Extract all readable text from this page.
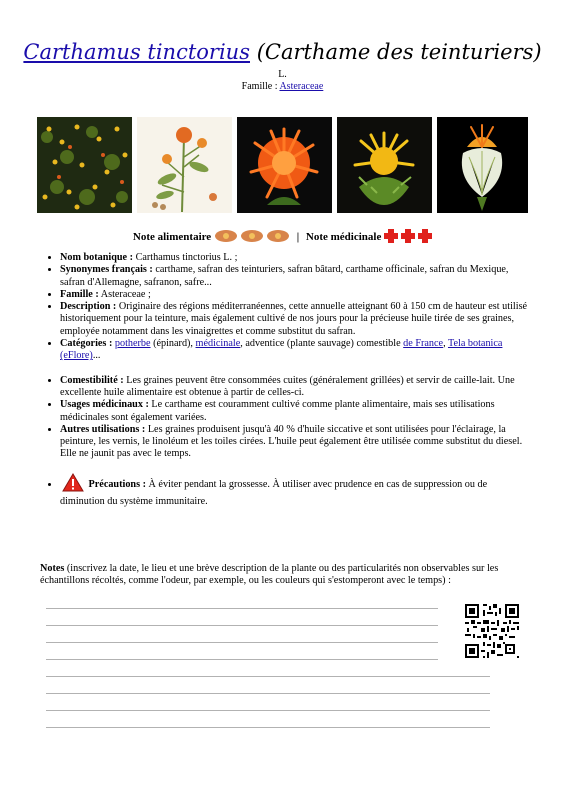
Carthamus tinctorius (Carthame des teinturiers)
L.
Famille : Asteraceae
Note alimentaire	| Note médicinale
• Nom botanique : Carthamus tinctorius L. ;
• Synonymes français : carthame, safran des teinturiers, safran bâtard, carthame officinale, safran du Mexique, safran d'Allemagne, safranon, safre...
• Famille : Asteraceae ;
• Description : Originaire des régions méditerranéennes, cette annuelle atteignant 60 à 150 cm de hauteur est utilisé historiquement pour la teinture, mais également cultivé de nos jours pour la précieuse huile tirée de ses graines, employée notamment dans les vinaigrettes et comme substitut du safran.
• Catégories : potherbe (épinard), médicinale, adventice (plante sauvage) comestible de France, Tela botanica (eFlore)...
• Comestibilité : Les graines peuvent être consommées cuites (généralement grillées) et servir de caille-lait. Une excellente huile alimentaire est obtenue à partir de celles-ci.
• Usages médicinaux : Le carthame est couramment cultivé comme plante alimentaire, mais ses utilisations médicinales sont également variées.
• Autres utilisations : Les graines produisent jusqu'à 40 % d'huile siccative et sont utilisées pour l'éclairage, la peinture, les vernis, le linoléum et les toiles cirées. L'huile peut également être utilisée comme substitut du diesel. Elle ne jaunit pas avec le temps.
• Précautions : À éviter pendant la grossesse. À utiliser avec prudence en cas de suppression ou de diminution du système immunitaire.
Notes (inscrivez la date, le lieu et une brève description de la plante ou des particularités non observables sur les échantillons récoltés, comme l'odeur, par exemple, ou les couleurs qui s'estomperont avec le temps) :
....................................................................................................................................................................................................
....................................................................................................................................................................................................
....................................................................................................................................................................................................
....................................................................................................................................................................................................
..............................................................................................................................................................................................................................
..............................................................................................................................................................................................................................
..............................................................................................................................................................................................................................
..............................................................................................................................................................................................................................
